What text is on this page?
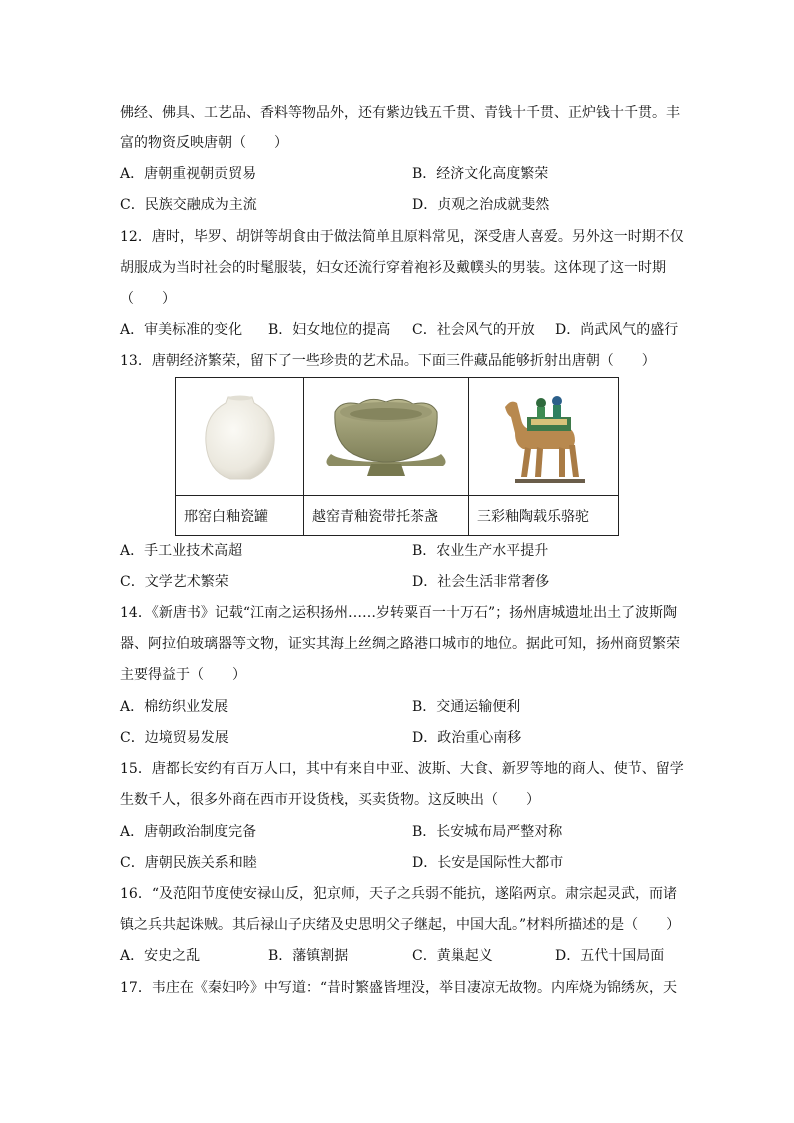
佛经、佛具、工艺品、香料等物品外，还有紫边钱五千贯、青钱十千贯、正炉钱十千贯。丰
富的物资反映唐朝（　　）
A．唐朝重视朝贡贸易	B．经济文化高度繁荣
C．民族交融成为主流	D．贞观之治成就斐然
12．唐时，毕罗、胡饼等胡食由于做法简单且原料常见，深受唐人喜爱。另外这一时期不仅
胡服成为当时社会的时髦服装，妇女还流行穿着袍衫及戴幞头的男装。这体现了这一时期
（　　）
A．审美标准的变化 B．妇女地位的提高 C．社会风气的开放 D．尚武风气的盛行
13．唐朝经济繁荣，留下了一些珍贵的艺术品。下面三件藏品能够折射出唐朝（　　）

邢窑白釉瓷罐	越窑青釉瓷带托茶盏	三彩釉陶载乐骆驼
A．手工业技术高超	B．农业生产水平提升
C．文学艺术繁荣	D．社会生活非常奢侈
14．《新唐书》记载“江南之运积扬州……岁转粟百一十万石”；扬州唐城遗址出土了波斯陶
器、阿拉伯玻璃器等文物，证实其海上丝绸之路港口城市的地位。据此可知，扬州商贸繁荣
主要得益于（　　）
A．棉纺织业发展	B．交通运输便利
C．边境贸易发展	D．政治重心南移
15．唐都长安约有百万人口，其中有来自中亚、波斯、大食、新罗等地的商人、使节、留学
生数千人，很多外商在西市开设货栈，买卖货物。这反映出（　　）
A．唐朝政治制度完备	B．长安城布局严整对称
C．唐朝民族关系和睦	D．长安是国际性大都市
16．“及范阳节度使安禄山反，犯京师，天子之兵弱不能抗，遂陷两京。肃宗起灵武，而诸
镇之兵共起诛贼。其后禄山子庆绪及史思明父子继起，中国大乱。”材料所描述的是（　　）
A．安史之乱	B．藩镇割据	C．黄巢起义	D．五代十国局面
17．韦庄在《秦妇吟》中写道：“昔时繁盛皆埋没，举目凄凉无故物。内库烧为锦绣灰，天
